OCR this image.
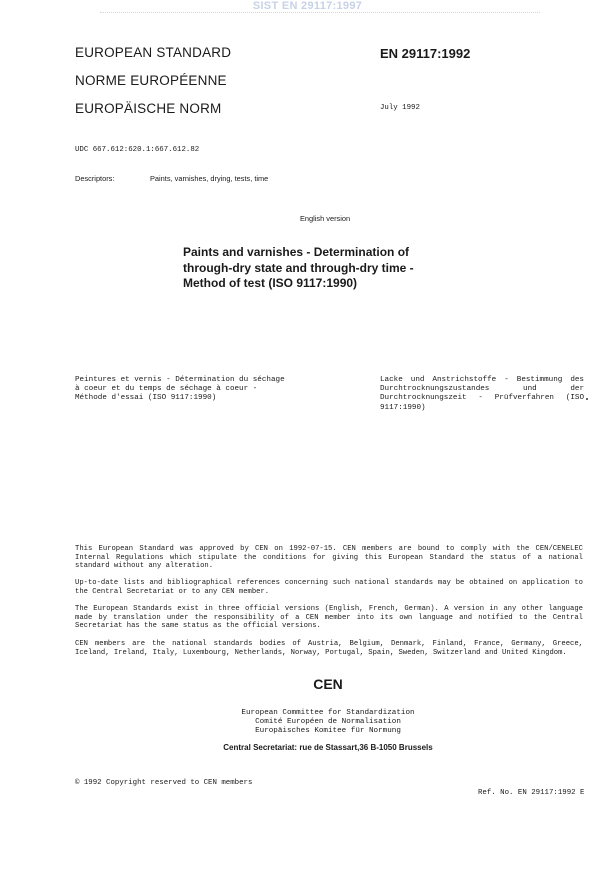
SIST EN 29117:1997
EUROPEAN STANDARD
NORME EUROPÉENNE
EUROPÄISCHE NORM
EN 29117:1992
July 1992
UDC 667.612:620.1:667.612.82
Descriptors:	Paints, varnishes, drying, tests, time
English version
Paints and varnishes - Determination of through-dry state and through-dry time - Method of test (ISO 9117:1990)
Peintures et vernis - Détermination du séchage à coeur et du temps de séchage à coeur - Méthode d'essai (ISO 9117:1990)
Lacke und Anstrichstoffe - Bestimmung des Durchtrocknungszustandes und der Durchtrocknungszeit - Prüfverfahren (ISO 9117:1990)
This European Standard was approved by CEN on 1992-07-15. CEN members are bound to comply with the CEN/CENELEC Internal Regulations which stipulate the conditions for giving this European Standard the status of a national standard without any alteration.
Up-to-date lists and bibliographical references concerning such national standards may be obtained on application to the Central Secretariat or to any CEN member.
The European Standards exist in three official versions (English, French, German). A version in any other language made by translation under the responsibility of a CEN member into its own language and notified to the Central Secretariat has the same status as the official versions.
CEN members are the national standards bodies of Austria, Belgium, Denmark, Finland, France, Germany, Greece, Iceland, Ireland, Italy, Luxembourg, Netherlands, Norway, Portugal, Spain, Sweden, Switzerland and United Kingdom.
CEN
European Committee for Standardization
Comité Européen de Normalisation
Europäisches Komitee für Normung
Central Secretariat: rue de Stassart,36 B-1050 Brussels
© 1992 Copyright reserved to CEN members
Ref. No. EN 29117:1992 E
